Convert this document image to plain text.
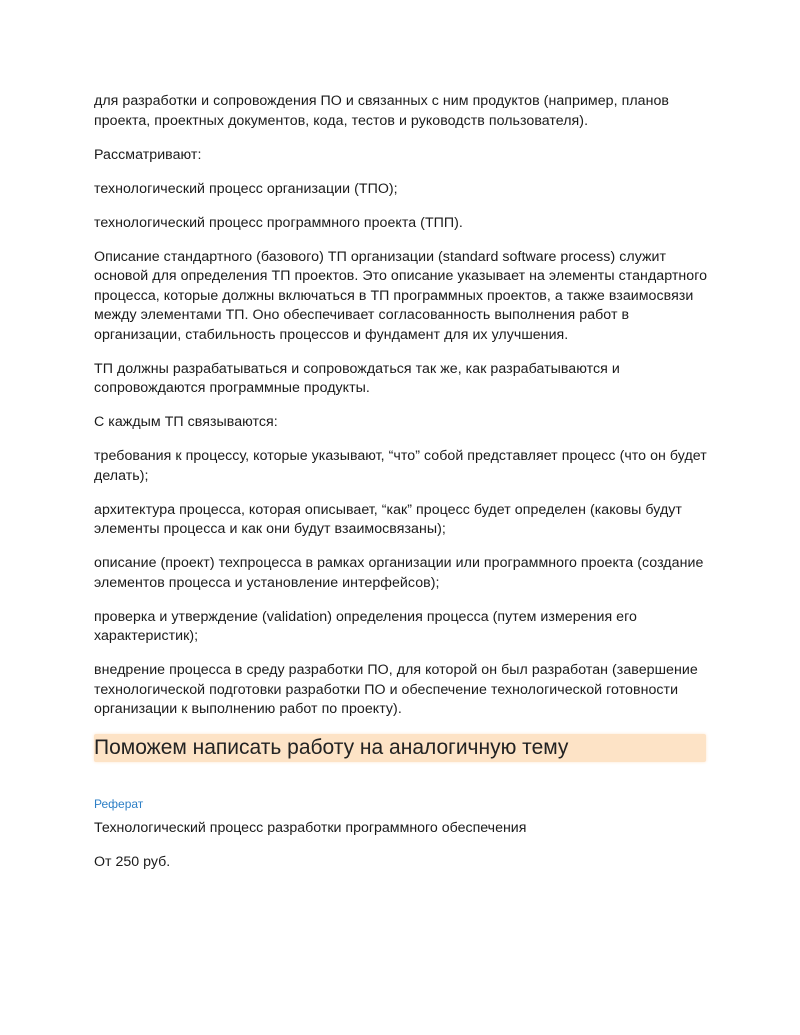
для разработки и сопровождения ПО и связанных с ним продуктов (например, планов проекта, проектных документов, кода, тестов и руководств пользователя).

Рассматривают:

технологический процесс организации (ТПО);

технологический процесс программного проекта (ТПП).

Описание стандартного (базового) ТП организации (standard software process) служит основой для определения ТП проектов. Это описание указывает на элементы стандартного процесса, которые должны включаться в ТП программных проектов, а также взаимосвязи между элементами ТП. Оно обеспечивает согласованность выполнения работ в организации, стабильность процессов и фундамент для их улучшения.

ТП должны разрабатываться и сопровождаться так же, как разрабатываются и сопровождаются программные продукты.

С каждым ТП связываются:

требования к процессу, которые указывают, “что” собой представляет процесс (что он будет делать);

архитектура процесса, которая описывает, “как” процесс будет определен (каковы будут элементы процесса и как они будут взаимосвязаны);

описание (проект) техпроцесса в рамках организации или программного проекта (создание элементов процесса и установление интерфейсов);

проверка и утверждение (validation) определения процесса (путем измерения его характеристик);

внедрение процесса в среду разработки ПО, для которой он был разработан (завершение технологической подготовки разработки ПО и обеспечение технологической готовности организации к выполнению работ по проекту).

Поможем написать работу на аналогичную тему
Реферат

Технологический процесс разработки программного обеспечения

От 250 руб.
